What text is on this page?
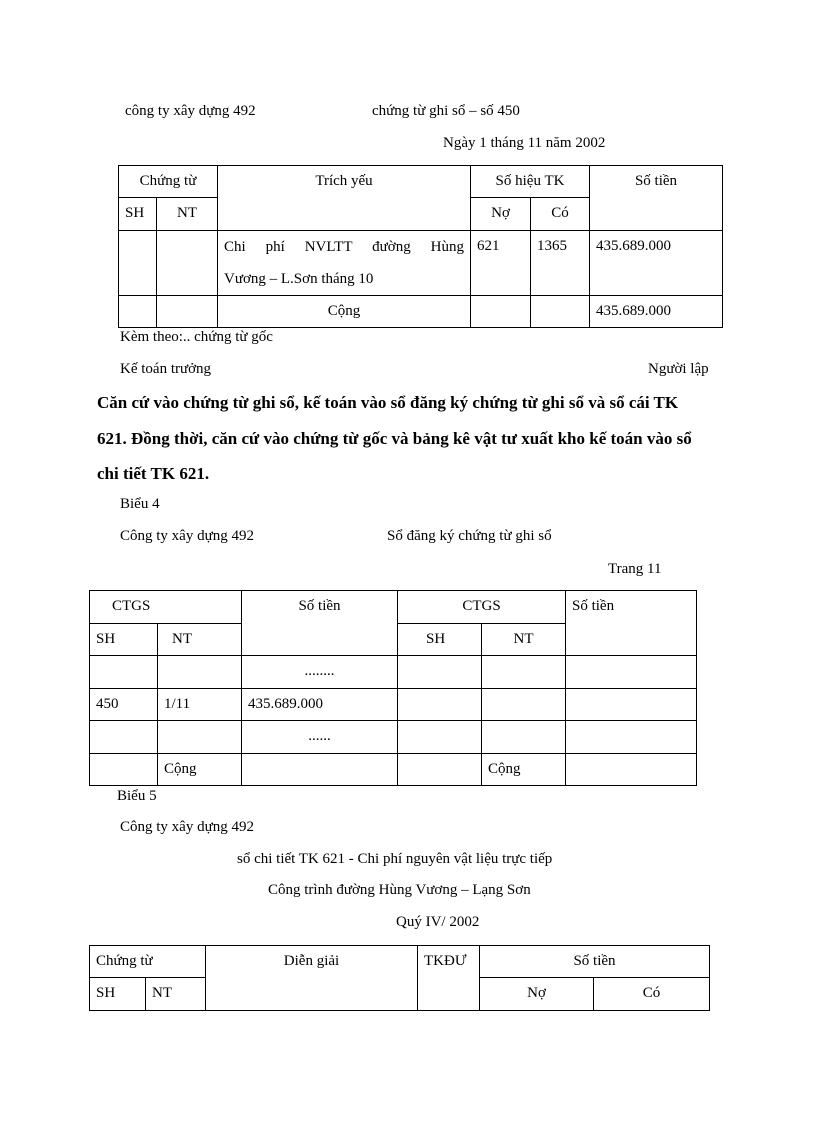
công ty xây dựng 492	chứng từ ghi sổ – số 450
Ngày 1 tháng 11 năm 2002
Chứng từ		Trích yếu	Số hiệu TK		Số tiền
SH	NT		Nợ	Có	

		Chi phí NVLTT đường Hùng
Vương – L.Sơn tháng 10	621	1365	435.689.000
		Cộng			435.689.000
Kèm theo:.. chứng từ gốc
Kế toán trưởng	Người lập
Căn cứ vào chứng từ ghi sổ, kế toán vào sổ đăng ký chứng từ ghi sổ và sổ cái TK
621. Đồng thời, căn cứ vào chứng từ gốc và bảng kê vật tư xuất kho kế toán vào sổ
chi tiết TK 621.
Biểu 4
Công ty xây dựng 492	Sổ đăng ký chứng từ ghi sổ
Trang 11
CTGS		Số tiền	CTGS		Số tiền
SH	NT		SH	NT	
		........			
450	1/11	435.689.000			
		......			
	Cộng			Cộng	
Biểu 5
Công ty xây dựng 492
sổ chi tiết TK 621 - Chi phí nguyên vật liệu trực tiếp
Công trình đường Hùng Vương – Lạng Sơn
Quý IV/ 2002
Chứng từ		Diễn giải	TKĐƯ	Số tiền	
SH	NT			Nợ	Có
